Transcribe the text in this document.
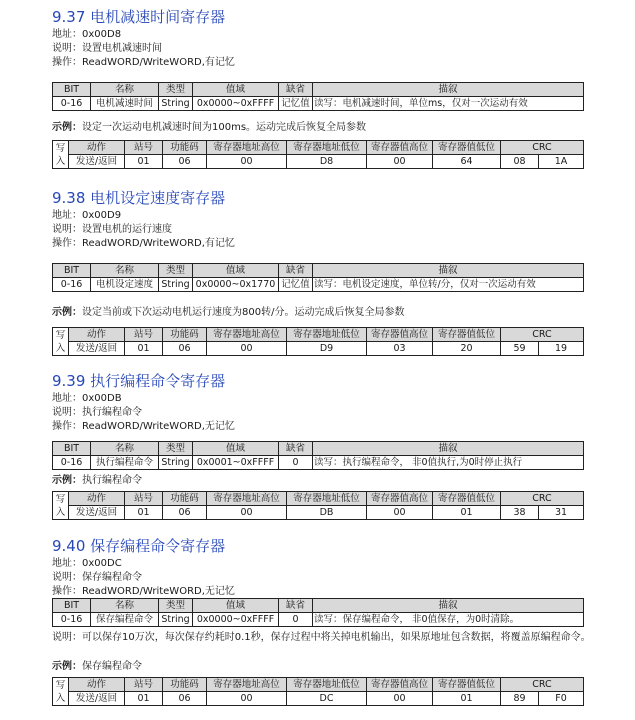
9.37 电机减速时间寄存器
地址：0x00D8
说明：设置电机减速时间
操作：ReadWORD/WriteWORD,有记忆
BIT	名称	类型	值域	缺省	描叙
0-16	电机减速时间	String	0x0000~0xFFFF	记忆值	读写：电机减速时间，单位ms，仅对一次运动有效
示例：设定一次运动电机减速时间为100ms。运动完成后恢复全局参数
写
入	动作	站号	功能码	寄存器地址高位	寄存器地址低位	寄存器值高位	寄存器值低位	CRC	
	发送/返回	01	06	00	D8	00	64	08	1A
9.38 电机设定速度寄存器
地址：0x00D9
说明：设置电机的运行速度
操作：ReadWORD/WriteWORD,有记忆
BIT	名称	类型	值域	缺省	描叙
0-16	电机设定速度	String	0x0000~0x1770	记忆值	读写：电机设定速度，单位转/分，仅对一次运动有效
示例：设定当前或下次运动电机运行速度为800转/分。运动完成后恢复全局参数
写
入	动作	站号	功能码	寄存器地址高位	寄存器地址低位	寄存器值高位	寄存器值低位	CRC	
	发送/返回	01	06	00	D9	03	20	59	19
9.39 执行编程命令寄存器
地址：0x00DB
说明：执行编程命令
操作：ReadWORD/WriteWORD,无记忆
BIT	名称	类型	值域	缺省	描叙
0-16	执行编程命令	String	0x0001~0xFFFF	0	读写：执行编程命令， 非0值执行,为0时停止执行
示例：执行编程命令
写
入	动作	站号	功能码	寄存器地址高位	寄存器地址低位	寄存器值高位	寄存器值低位	CRC	
	发送/返回	01	06	00	DB	00	01	38	31
9.40 保存编程命令寄存器
地址：0x00DC
说明：保存编程命令
操作：ReadWORD/WriteWORD,无记忆
BIT	名称	类型	值域	缺省	描叙
0-16	保存编程命令	String	0x0000~0xFFFF	0	读写：保存编程命令， 非0值保存，为0时清除。
说明：可以保存10万次，每次保存约耗时0.1秒，保存过程中将关掉电机输出，如果原地址包含数据，将覆盖原编程命令。
示例：保存编程命令
写
入	动作	站号	功能码	寄存器地址高位	寄存器地址低位	寄存器值高位	寄存器值低位	CRC	
	发送/返回	01	06	00	DC	00	01	89	F0
